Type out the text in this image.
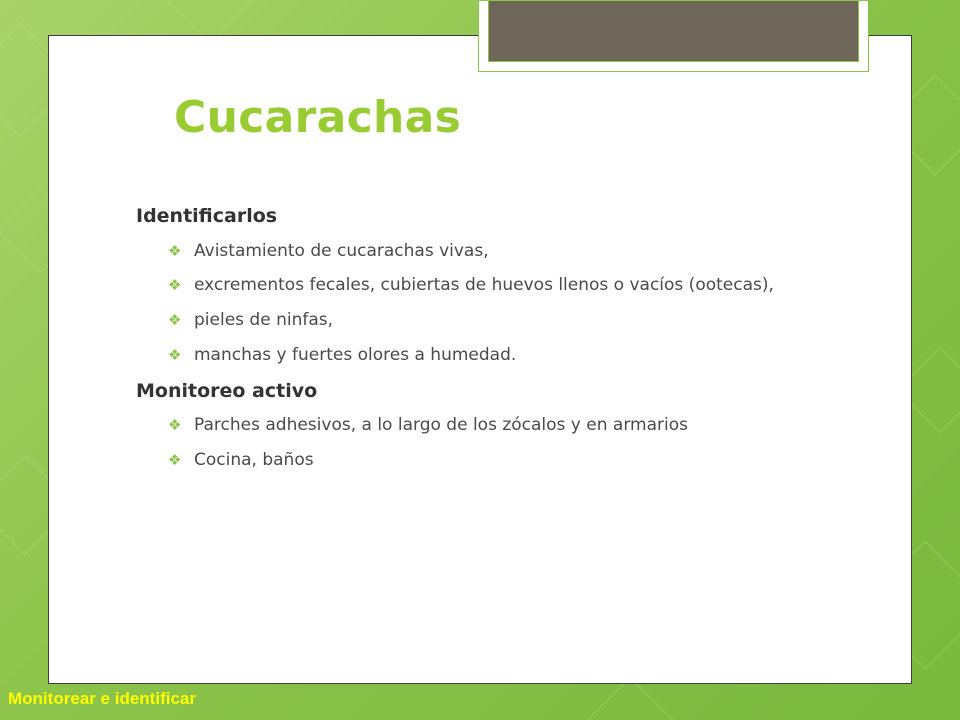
Cucarachas

Identificarlos

❖ Avistamiento de cucarachas vivas,
❖ excrementos fecales, cubiertas de huevos llenos o vacíos (ootecas),
❖ pieles de ninfas,
❖ manchas y fuertes olores a humedad.

Monitoreo activo

❖ Parches adhesivos, a lo largo de los zócalos y en armarios
❖ Cocina, baños
Monitorear e identificar
